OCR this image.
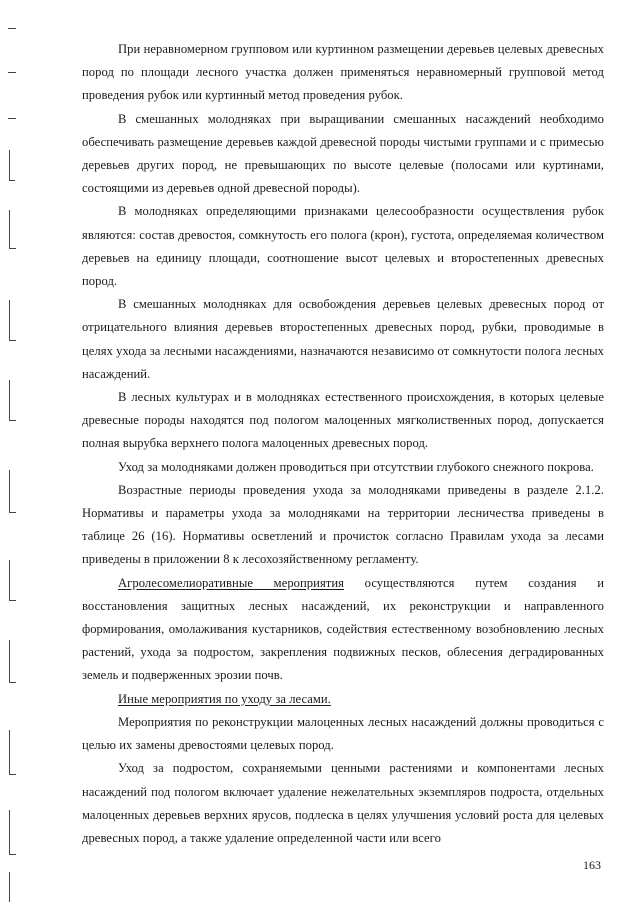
При неравномерном групповом или куртинном размещении деревьев целевых древесных пород по площади лесного участка должен применяться неравномерный групповой метод проведения рубок или куртинный метод проведения рубок.

В смешанных молодняках при выращивании смешанных насаждений необходимо обеспечивать размещение деревьев каждой древесной породы чистыми группами и с примесью деревьев других пород, не превышающих по высоте целевые (полосами или куртинами, состоящими из деревьев одной древесной породы).

В молодняках определяющими признаками целесообразности осуществления рубок являются: состав древостоя, сомкнутость его полога (крон), густота, определяемая количеством деревьев на единицу площади, соотношение высот целевых и второстепенных древесных пород.

В смешанных молодняках для освобождения деревьев целевых древесных пород от отрицательного влияния деревьев второстепенных древесных пород, рубки, проводимые в целях ухода за лесными насаждениями, назначаются независимо от сомкнутости полога лесных насаждений.

В лесных культурах и в молодняках естественного происхождения, в которых целевые древесные породы находятся под пологом малоценных мягколиственных пород, допускается полная вырубка верхнего полога малоценных древесных пород.

Уход за молодняками должен проводиться при отсутствии глубокого снежного покрова.

Возрастные периоды проведения ухода за молодняками приведены в разделе 2.1.2. Нормативы и параметры ухода за молодняками на территории лесничества приведены в таблице 26 (16). Нормативы осветлений и прочисток согласно Правилам ухода за лесами приведены в приложении 8 к лесохозяйственному регламенту.

Агролесомелиоративные мероприятия осуществляются путем создания и восстановления защитных лесных насаждений, их реконструкции и направленного формирования, омолаживания кустарников, содействия естественному возобновлению лесных растений, ухода за подростом, закрепления подвижных песков, облесения деградированных земель и подверженных эрозии почв.

Иные мероприятия по уходу за лесами.

Мероприятия по реконструкции малоценных лесных насаждений должны проводиться с целью их замены древостоями целевых пород.

Уход за подростом, сохраняемыми ценными растениями и компонентами лесных насаждений под пологом включает удаление нежелательных экземпляров подроста, отдельных малоценных деревьев верхних ярусов, подлеска в целях улучшения условий роста для целевых древесных пород, а также удаление определенной части или всего

163
